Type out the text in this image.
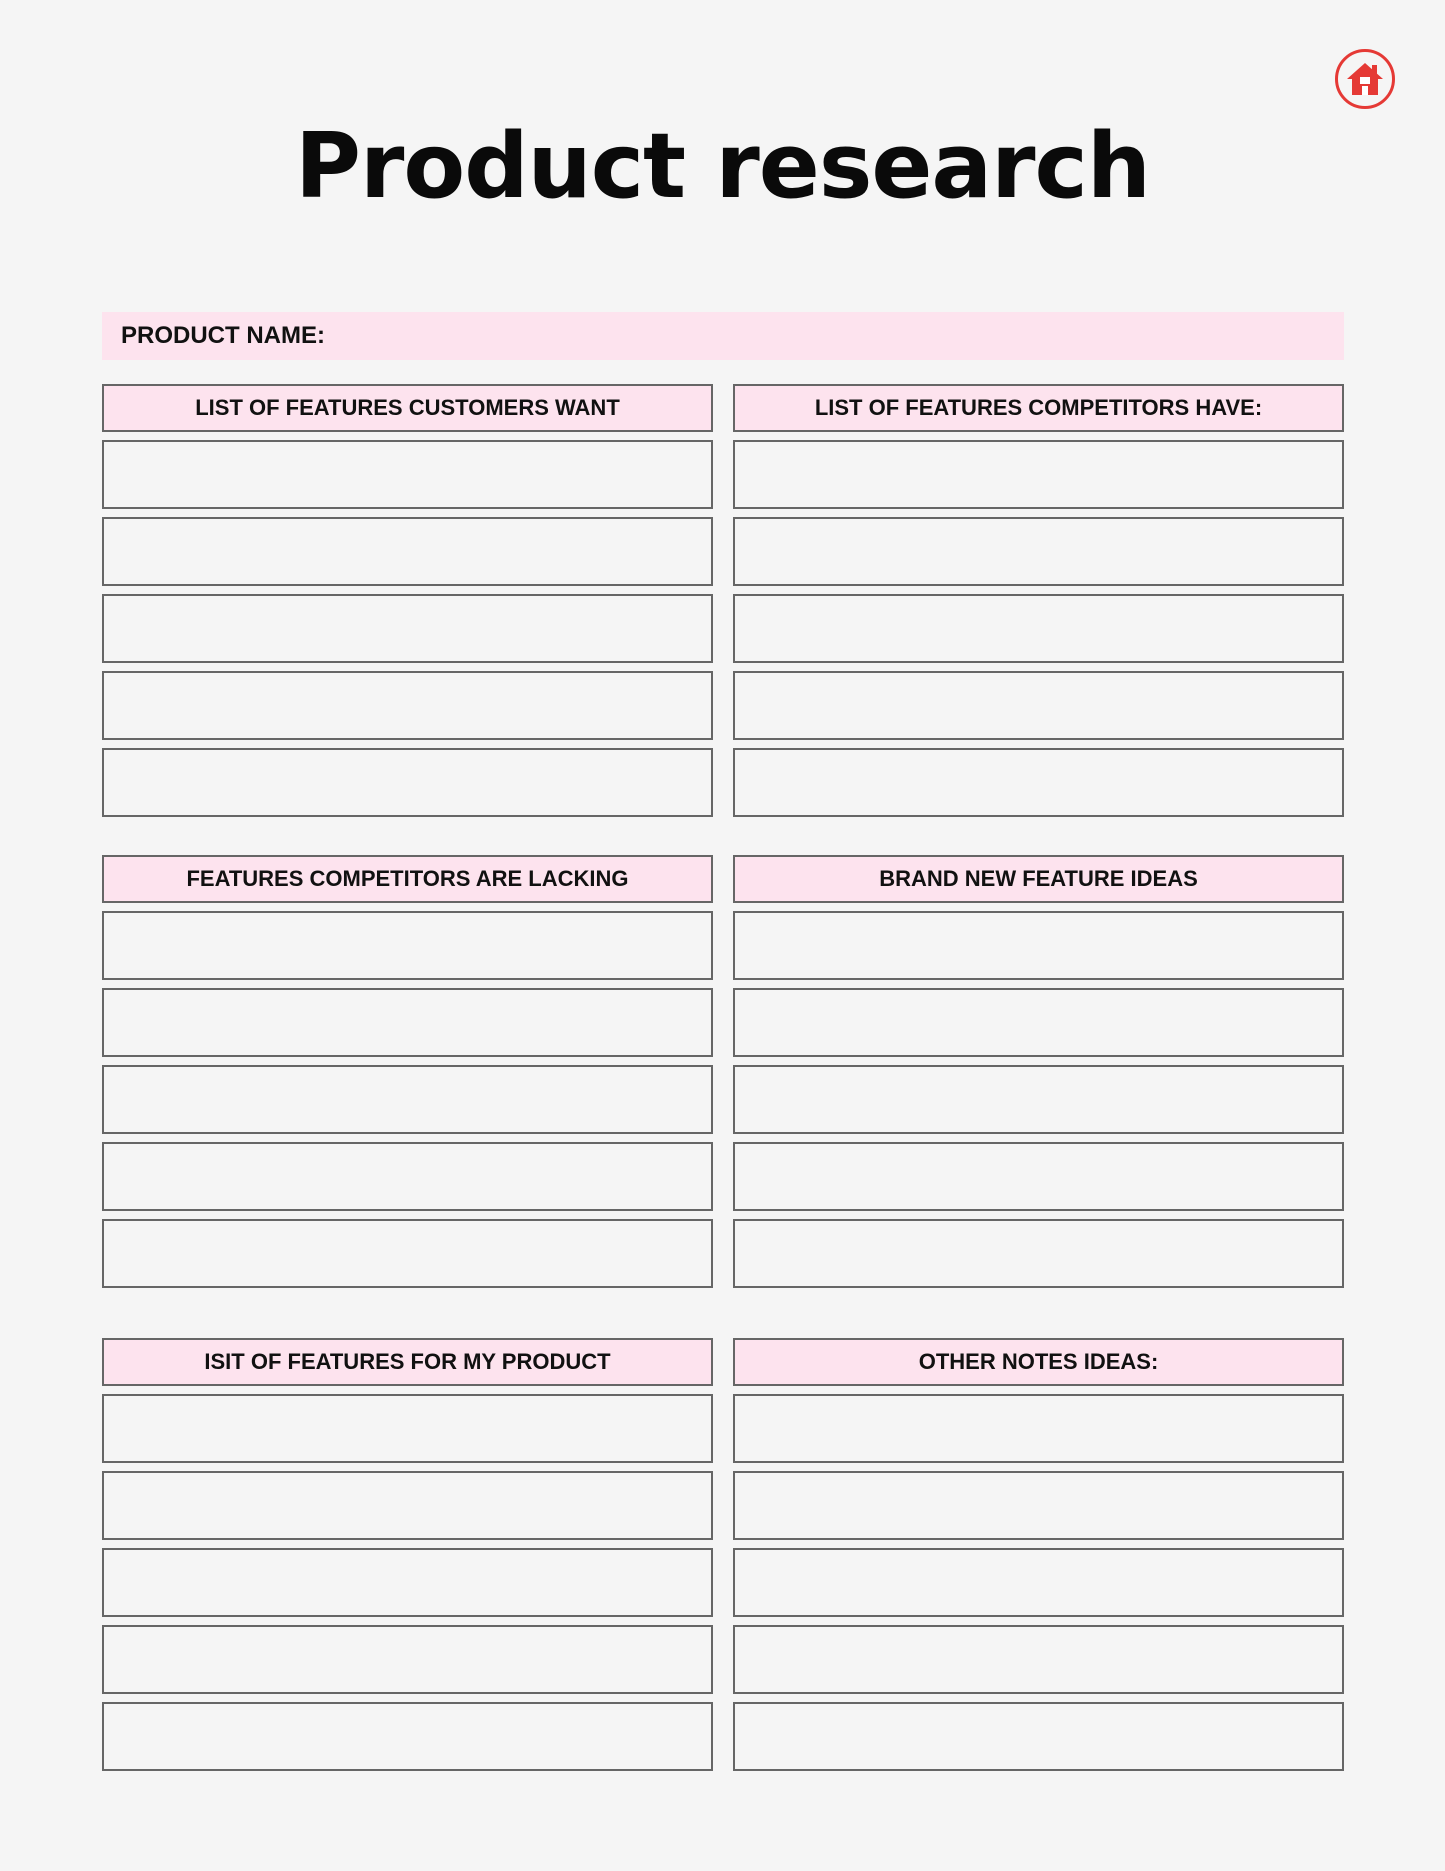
Product research
PRODUCT NAME:
LIST OF FEATURES CUSTOMERS WANT	LIST OF FEATURES COMPETITORS HAVE:
FEATURES COMPETITORS ARE LACKING	BRAND NEW FEATURE IDEAS
ISIT OF FEATURES FOR MY PRODUCT	OTHER NOTES IDEAS:
